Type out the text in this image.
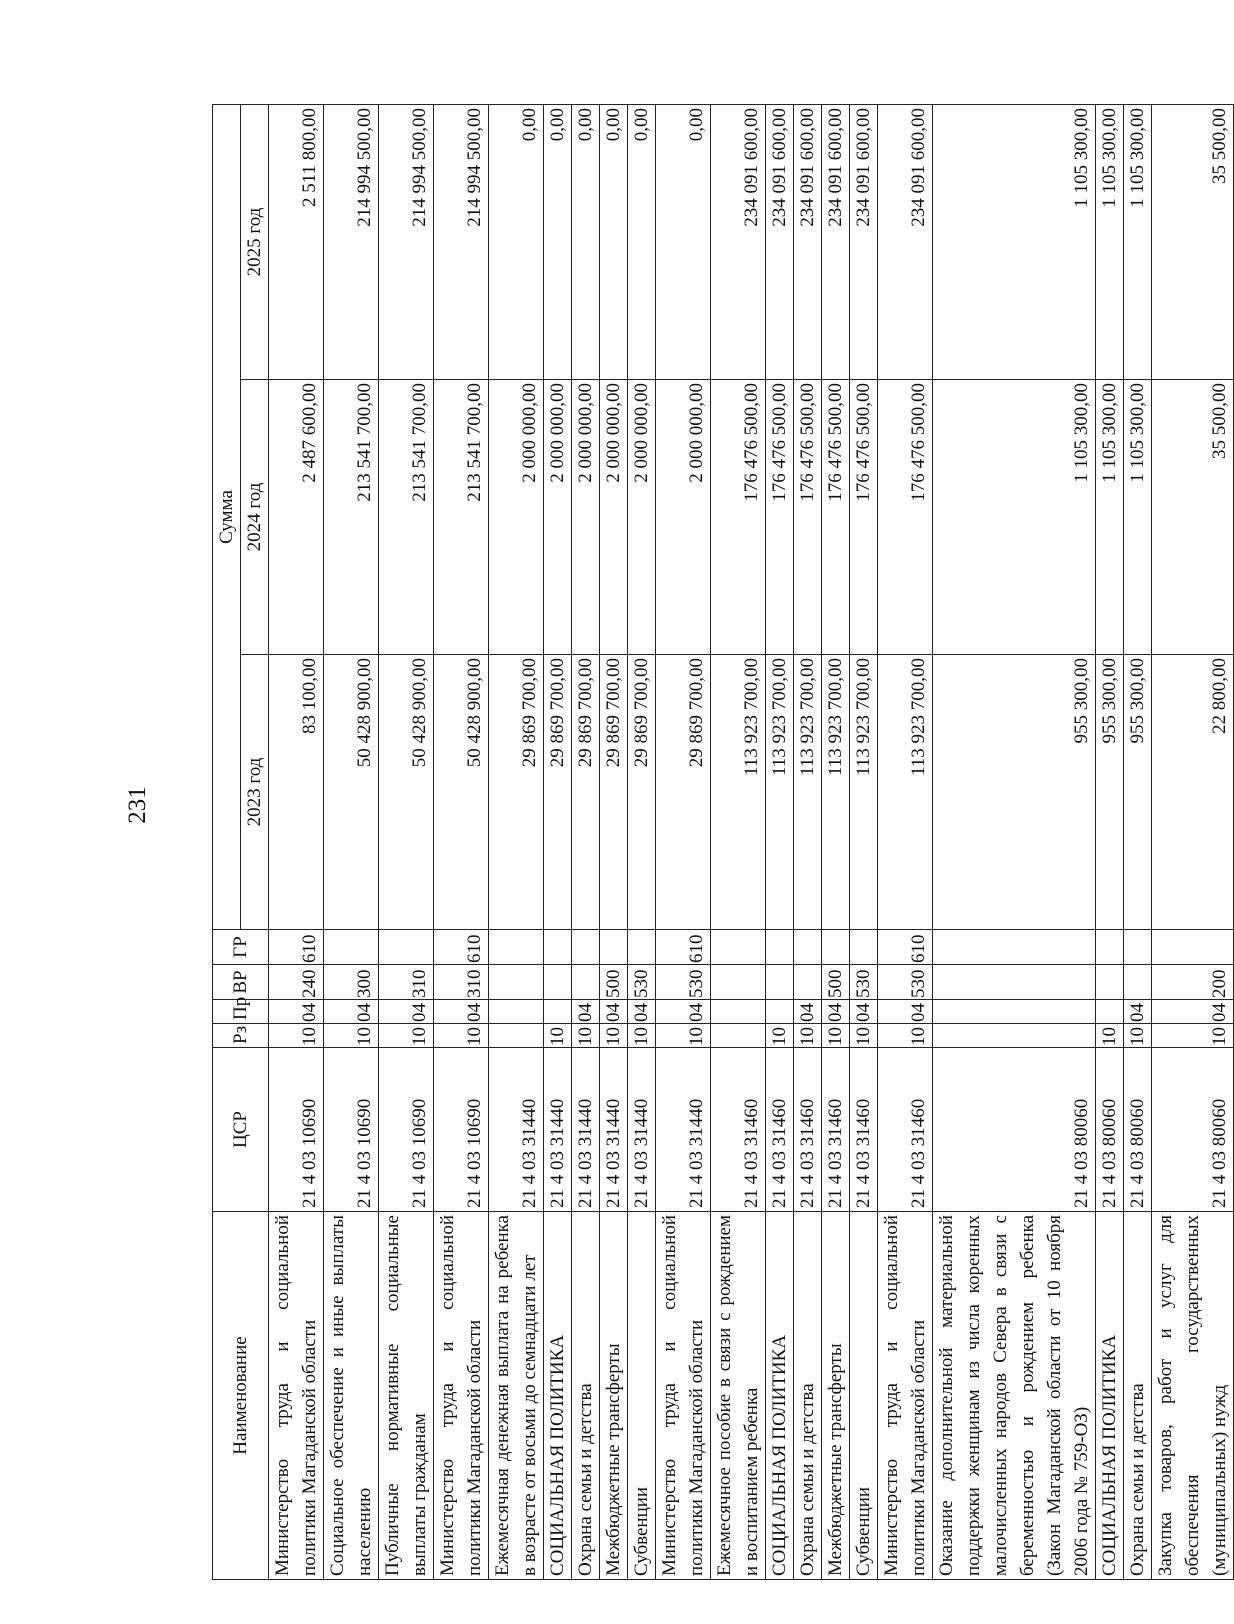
231
Наименование	ЦСР	Рз	Пр	ВР	ГР	Сумма		
						2023 год	2024 год	2025 год
Министерство труда и социальной политики Магаданской области	21 4 03 10690	10	04	240	610	83 100,00	2 487 600,00	2 511 800,00
Социальное обеспечение и иные выплаты населению	21 4 03 10690	10	04	300		50 428 900,00	213 541 700,00	214 994 500,00
Публичные нормативные социальные выплаты гражданам	21 4 03 10690	10	04	310		50 428 900,00	213 541 700,00	214 994 500,00
Министерство труда и социальной политики Магаданской области	21 4 03 10690	10	04	310	610	50 428 900,00	213 541 700,00	214 994 500,00
Ежемесячная денежная выплата на ребенка в возрасте от восьми до семнадцати лет	21 4 03 31440					29 869 700,00	2 000 000,00	0,00
СОЦИАЛЬНАЯ ПОЛИТИКА	21 4 03 31440	10				29 869 700,00	2 000 000,00	0,00
Охрана семьи и детства	21 4 03 31440	10	04			29 869 700,00	2 000 000,00	0,00
Межбюджетные трансферты	21 4 03 31440	10	04	500		29 869 700,00	2 000 000,00	0,00
Субвенции	21 4 03 31440	10	04	530		29 869 700,00	2 000 000,00	0,00
Министерство труда и социальной политики Магаданской области	21 4 03 31440	10	04	530	610	29 869 700,00	2 000 000,00	0,00
Ежемесячное пособие в связи с рождением и воспитанием ребенка	21 4 03 31460					113 923 700,00	176 476 500,00	234 091 600,00
СОЦИАЛЬНАЯ ПОЛИТИКА	21 4 03 31460	10				113 923 700,00	176 476 500,00	234 091 600,00
Охрана семьи и детства	21 4 03 31460	10	04			113 923 700,00	176 476 500,00	234 091 600,00
Межбюджетные трансферты	21 4 03 31460	10	04	500		113 923 700,00	176 476 500,00	234 091 600,00
Субвенции	21 4 03 31460	10	04	530		113 923 700,00	176 476 500,00	234 091 600,00
Министерство труда и социальной политики Магаданской области	21 4 03 31460	10	04	530	610	113 923 700,00	176 476 500,00	234 091 600,00
Оказание дополнительной материальной поддержки женщинам из числа коренных малочисленных народов Севера в связи с беременностью и рождением ребенка (Закон Магаданской области от 10 ноября 2006 года № 759-ОЗ)	21 4 03 80060					955 300,00	1 105 300,00	1 105 300,00
СОЦИАЛЬНАЯ ПОЛИТИКА	21 4 03 80060	10				955 300,00	1 105 300,00	1 105 300,00
Охрана семьи и детства	21 4 03 80060	10	04			955 300,00	1 105 300,00	1 105 300,00
Закупка товаров, работ и услуг для обеспечения государственных (муниципальных) нужд	21 4 03 80060	10	04	200		22 800,00	35 500,00	35 500,00
